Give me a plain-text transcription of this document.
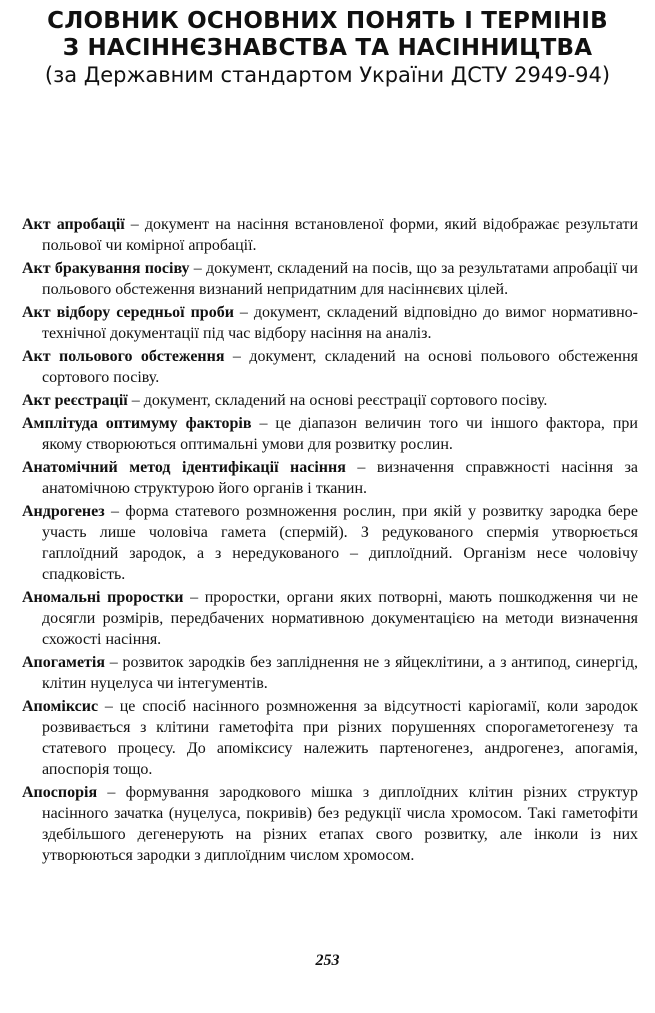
СЛОВНИК ОСНОВНИХ ПОНЯТЬ І ТЕРМІНІВ
З НАСІННЄЗНАВСТВА ТА НАСІННИЦТВА
(за Державним стандартом України ДСТУ 2949-94)

Акт апробації – документ на насіння встановленої форми, який відображає результати польової чи комірної апробації.

Акт бракування посіву – документ, складений на посів, що за результатами апробації чи польового обстеження визнаний непридатним для насіннєвих цілей.

Акт відбору середньої проби – документ, складений відповідно до вимог нормативно-технічної документації під час відбору насіння на аналіз.

Акт польового обстеження – документ, складений на основі польового обстеження сортового посіву.

Акт реєстрації – документ, складений на основі реєстрації сортового посіву.

Амплітуда оптимуму факторів – це діапазон величин того чи іншого фактора, при якому створюються оптимальні умови для розвитку рослин.

Анатомічний метод ідентифікації насіння – визначення справжності насіння за анатомічною структурою його органів і тканин.

Андрогенез – форма статевого розмноження рослин, при якій у розвитку зародка бере участь лише чоловіча гамета (спермій). З редукованого спермія утворюється гаплоїдний зародок, а з нередукованого – диплоїдний. Організм несе чоловічу спадковість.

Аномальні проростки – проростки, органи яких потворні, мають пошкодження чи не досягли розмірів, передбачених нормативною документацією на методи визначення схожості насіння.

Апогаметія – розвиток зародків без запліднення не з яйцеклітини, а з антипод, синергід, клітин нуцелуса чи інтегументів.

Апоміксис – це спосіб насінного розмноження за відсутності каріогамії, коли зародок розвивається з клітини гаметофіта при різних порушеннях спорогаметогенезу та статевого процесу. До апоміксису належить партеногенез, андрогенез, апогамія, апоспорія тощо.

Апоспорія – формування зародкового мішка з диплоїдних клітин різних структур насінного зачатка (нуцелуса, покривів) без редукції числа хромосом. Такі гаметофіти здебільшого дегенерують на різних етапах свого розвитку, але інколи із них утворюються зародки з диплоїдним числом хромосом.

253
